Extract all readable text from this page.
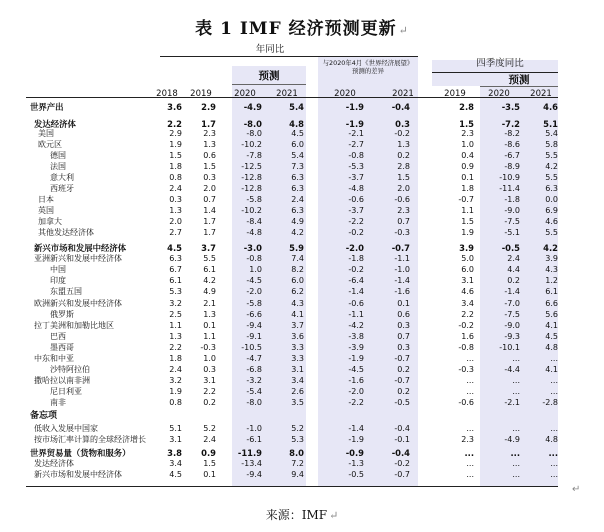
表 1 IMF 经济预测更新 ↵
年同比
预测
与2020年4月《世界经济展望》预测的差异
四季度同比
预测
2018	2019	2020	2021	2020	2021	2019	2020	2021
世界产出	3.6	2.9	-4.9	5.4	-1.9	-0.4	2.8	-3.5	4.6
发达经济体	2.2	1.7	-8.0	4.8	-1.9	0.3	1.5	-7.2	5.1
美国	2.9	2.3	-8.0	4.5	-2.1	-0.2	2.3	-8.2	5.4
欧元区	1.9	1.3	-10.2	6.0	-2.7	1.3	1.0	-8.6	5.8
德国	1.5	0.6	-7.8	5.4	-0.8	0.2	0.4	-6.7	5.5
法国	1.8	1.5	-12.5	7.3	-5.3	2.8	0.9	-8.9	4.2
意大利	0.8	0.3	-12.8	6.3	-3.7	1.5	0.1	-10.9	5.5
西班牙	2.4	2.0	-12.8	6.3	-4.8	2.0	1.8	-11.4	6.3
日本	0.3	0.7	-5.8	2.4	-0.6	-0.6	-0.7	-1.8	0.0
英国	1.3	1.4	-10.2	6.3	-3.7	2.3	1.1	-9.0	6.9
加拿大	2.0	1.7	-8.4	4.9	-2.2	0.7	1.5	-7.5	4.6
其他发达经济体	2.7	1.7	-4.8	4.2	-0.2	-0.3	1.9	-5.1	5.5
新兴市场和发展中经济体	4.5	3.7	-3.0	5.9	-2.0	-0.7	3.9	-0.5	4.2
亚洲新兴和发展中经济体	6.3	5.5	-0.8	7.4	-1.8	-1.1	5.0	2.4	3.9
中国	6.7	6.1	1.0	8.2	-0.2	-1.0	6.0	4.4	4.3
印度	6.1	4.2	-4.5	6.0	-6.4	-1.4	3.1	0.2	1.2
东盟五国	5.3	4.9	-2.0	6.2	-1.4	-1.6	4.6	-1.4	6.1
欧洲新兴和发展中经济体	3.2	2.1	-5.8	4.3	-0.6	0.1	3.4	-7.0	6.6
俄罗斯	2.5	1.3	-6.6	4.1	-1.1	0.6	2.2	-7.5	5.6
拉丁美洲和加勒比地区	1.1	0.1	-9.4	3.7	-4.2	0.3	-0.2	-9.0	4.1
巴西	1.3	1.1	-9.1	3.6	-3.8	0.7	1.6	-9.3	4.5
墨西哥	2.2	-0.3	-10.5	3.3	-3.9	0.3	-0.8	-10.1	4.8
中东和中亚	1.8	1.0	-4.7	3.3	-1.9	-0.7	...	...	...
沙特阿拉伯	2.4	0.3	-6.8	3.1	-4.5	0.2	-0.3	-4.4	4.1
撒哈拉以南非洲	3.2	3.1	-3.2	3.4	-1.6	-0.7	...	...	...
尼日利亚	1.9	2.2	-5.4	2.6	-2.0	0.2	...	...	...
南非	0.8	0.2	-8.0	3.5	-2.2	-0.5	-0.6	-2.1	-2.8
备忘项
低收入发展中国家	5.1	5.2	-1.0	5.2	-1.4	-0.4	...	...	...
按市场汇率计算的全球经济增长	3.1	2.4	-6.1	5.3	-1.9	-0.1	2.3	-4.9	4.8
世界贸易量（货物和服务）	3.8	0.9	-11.9	8.0	-0.9	-0.4	...	...	...
发达经济体	3.4	1.5	-13.4	7.2	-1.3	-0.2	...	...	...
新兴市场和发展中经济体	4.5	0.1	-9.4	9.4	-0.5	-0.7	...	...	...
↵
来源：IMF ↵
